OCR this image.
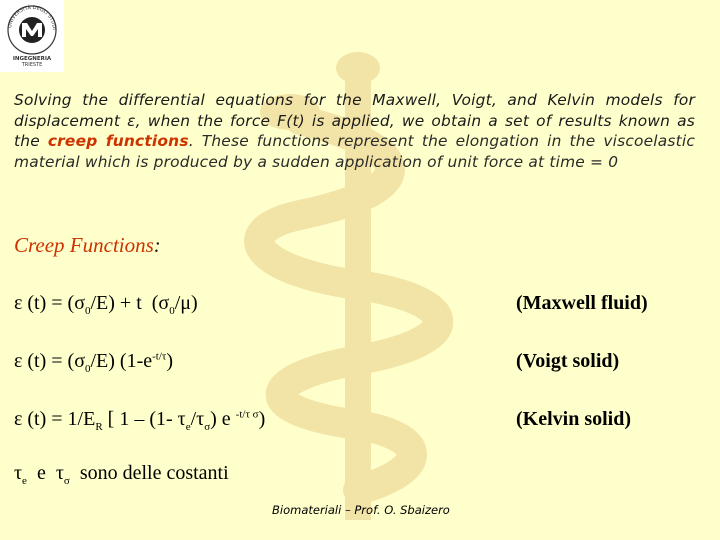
UNIVERSITÀ DEGLI STUDI
INGEGNERIA
TRIESTE
Solving the differential equations for the Maxwell, Voigt, and Kelvin models for displacement ε, when the force F(t) is applied, we obtain a set of results known as the creep functions. These functions represent the elongation in the viscoelastic material which is produced by a sudden application of unit force at time = 0
Creep Functions:
ε $(t) = (\sigma_0/E) + t$  $(\sigma_0/\mu)$	(Maxwell fluid)
ε $(t) = (\sigma_0/E)$ $(1-e^{-t/\tau})$	(Voigt solid)
ε $(t) = 1/E_R$ [ 1 – (1- $\tau_e/\tau_\sigma$) e $^{-t/\tau \sigma}$)	(Kelvin solid)
$\tau_e$ e  $\tau_\sigma$ sono delle costanti
Biomateriali – Prof. O. Sbaizero
